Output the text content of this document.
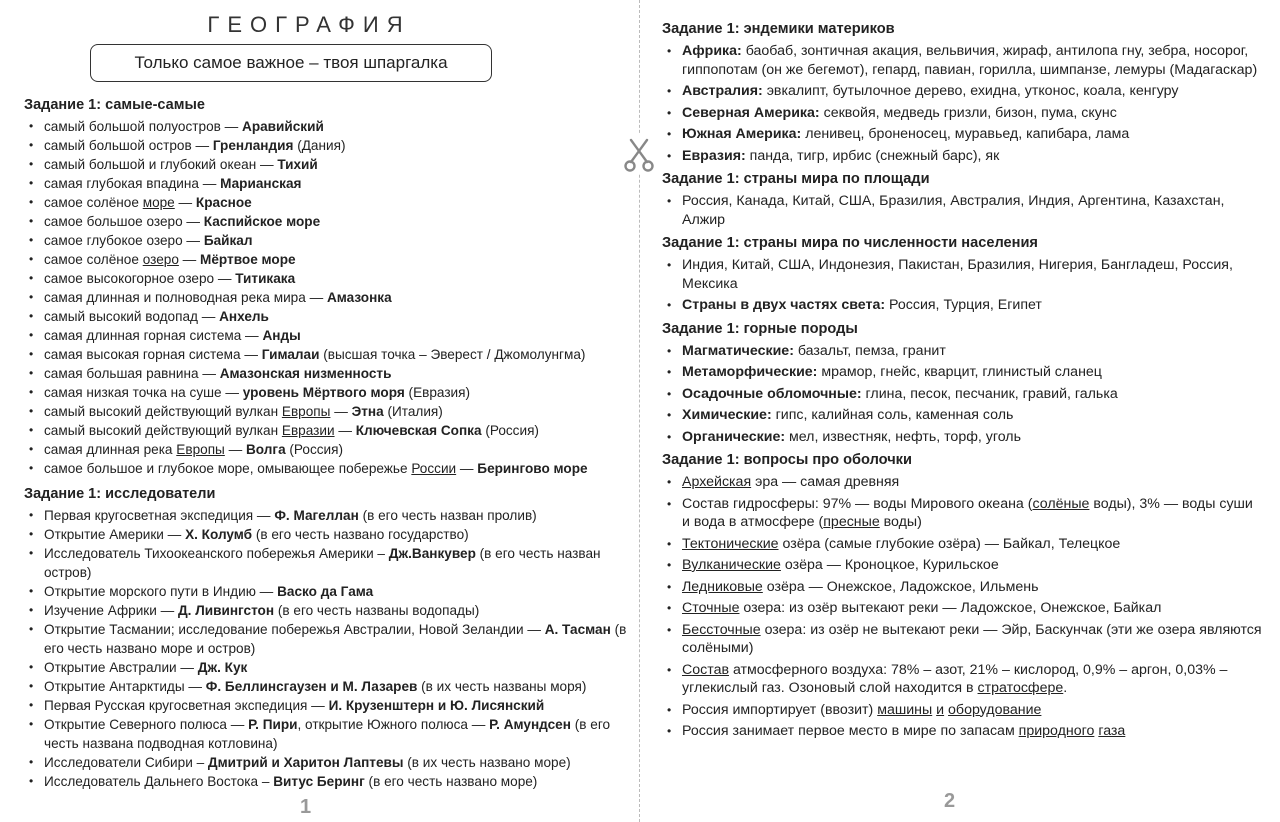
ГЕОГРАФИЯ
Только самое важное – твоя шпаргалка
Задание 1: самые-самые
• самый большой полуостров — Аравийский
• самый большой остров — Гренландия (Дания)
• самый большой и глубокий океан — Тихий
• самая глубокая впадина — Марианская
• самое солёное море — Красное
• самое большое озеро — Каспийское море
• самое глубокое озеро — Байкал
• самое солёное озеро — Мёртвое море
• самое высокогорное озеро — Титикака
• самая длинная и полноводная река мира — Амазонка
• самый высокий водопад — Анхель
• самая длинная горная система — Анды
• самая высокая горная система — Гималаи (высшая точка – Эверест / Джомолунгма)
• самая большая равнина — Амазонская низменность
• самая низкая точка на суше — уровень Мёртвого моря (Евразия)
• самый высокий действующий вулкан Европы — Этна (Италия)
• самый высокий действующий вулкан Евразии — Ключевская Сопка (Россия)
• самая длинная река Европы — Волга (Россия)
• самое большое и глубокое море, омывающее побережье России — Берингово море
Задание 1: исследователи
• Первая кругосветная экспедиция — Ф. Магеллан (в его честь назван пролив)
• Открытие Америки — Х. Колумб (в его честь названо государство)
• Исследователь Тихоокеанского побережья Америки – Дж.Ванкувер (в его честь назван остров)
• Открытие морского пути в Индию — Васко да Гама
• Изучение Африки — Д. Ливингстон (в его честь названы водопады)
• Открытие Тасмании; исследование побережья Австралии, Новой Зеландии — А. Тасман (в его честь названо море и остров)
• Открытие Австралии — Дж. Кук
• Открытие Антарктиды — Ф. Беллинсгаузен и М. Лазарев (в их честь названы моря)
• Первая Русская кругосветная экспедиция — И. Крузенштерн и Ю. Лисянский
• Открытие Северного полюса — Р. Пири, открытие Южного полюса — Р. Амундсен (в его честь названа подводная котловина)
• Исследователи Сибири – Дмитрий и Харитон Лаптевы (в их честь названо море)
• Исследователь Дальнего Востока – Витус Беринг (в его честь названо море)
1
Задание 1: эндемики материков
• Африка: баобаб, зонтичная акация, вельвичия, жираф, антилопа гну, зебра, носорог, гиппопотам (он же бегемот), гепард, павиан, горилла, шимпанзе, лемуры (Мадагаскар)
• Австралия: эвкалипт, бутылочное дерево, ехидна, утконос, коала, кенгуру
• Северная Америка: секвойя, медведь гризли, бизон, пума, скунс
• Южная Америка: ленивец, броненосец, муравьед, капибара, лама
• Евразия: панда, тигр, ирбис (снежный барс), як
Задание 1: страны мира по площади
• Россия, Канада, Китай, США, Бразилия, Австралия, Индия, Аргентина, Казахстан, Алжир
Задание 1: страны мира по численности населения
• Индия, Китай, США, Индонезия, Пакистан, Бразилия, Нигерия, Бангладеш, Россия, Мексика
• Страны в двух частях света: Россия, Турция, Египет
Задание 1: горные породы
• Магматические: базальт, пемза, гранит
• Метаморфические: мрамор, гнейс, кварцит, глинистый сланец
• Осадочные обломочные: глина, песок, песчаник, гравий, галька
• Химические: гипс, калийная соль, каменная соль
• Органические: мел, известняк, нефть, торф, уголь
Задание 1: вопросы про оболочки
• Архейская эра — самая древняя
• Состав гидросферы: 97% — воды Мирового океана (солёные воды), 3% — воды суши и вода в атмосфере (пресные воды)
• Тектонические озёра (самые глубокие озёра) — Байкал, Телецкое
• Вулканические озёра — Кроноцкое, Курильское
• Ледниковые озёра — Онежское, Ладожское, Ильмень
• Сточные озера: из озёр вытекают реки — Ладожское, Онежское, Байкал
• Бессточные озера: из озёр не вытекают реки — Эйр, Баскунчак (эти же озера являются солёными)
• Состав атмосферного воздуха: 78% – азот, 21% – кислород, 0,9% – аргон, 0,03% – углекислый газ. Озоновый слой находится в стратосфере.
• Россия импортирует (ввозит) машины и оборудование
• Россия занимает первое место в мире по запасам природного газа
2
